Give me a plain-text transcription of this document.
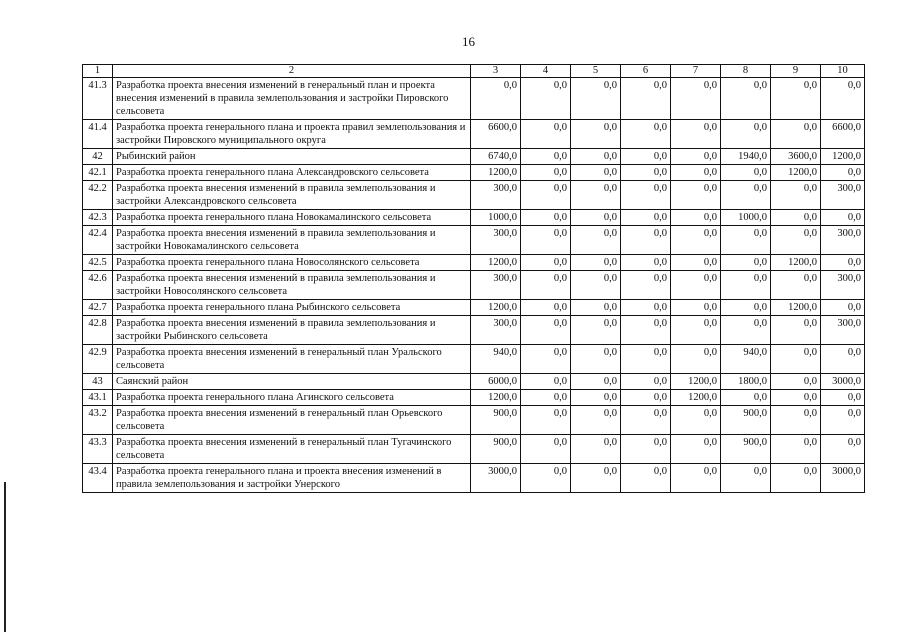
16
1	2	3	4	5	6	7	8	9	10
41.3	Разработка проекта внесения изменений в генеральный план и проекта внесения изменений в правила землепользования и застройки Пировского сельсовета	0,0	0,0	0,0	0,0	0,0	0,0	0,0	0,0
41.4	Разработка проекта генерального плана и проекта правил землепользования и застройки Пировского муниципального округа	6600,0	0,0	0,0	0,0	0,0	0,0	0,0	6600,0
42	Рыбинский район	6740,0	0,0	0,0	0,0	0,0	1940,0	3600,0	1200,0
42.1	Разработка проекта генерального плана Александровского сельсовета	1200,0	0,0	0,0	0,0	0,0	0,0	1200,0	0,0
42.2	Разработка проекта внесения изменений в правила землепользования и застройки Александровского сельсовета	300,0	0,0	0,0	0,0	0,0	0,0	0,0	300,0
42.3	Разработка проекта генерального плана Новокамалинского сельсовета	1000,0	0,0	0,0	0,0	0,0	1000,0	0,0	0,0
42.4	Разработка проекта внесения изменений в правила землепользования и застройки Новокамалинского сельсовета	300,0	0,0	0,0	0,0	0,0	0,0	0,0	300,0
42.5	Разработка проекта генерального плана Новосолянского сельсовета	1200,0	0,0	0,0	0,0	0,0	0,0	1200,0	0,0
42.6	Разработка проекта внесения изменений в правила землепользования и застройки Новосолянского сельсовета	300,0	0,0	0,0	0,0	0,0	0,0	0,0	300,0
42.7	Разработка проекта генерального плана Рыбинского сельсовета	1200,0	0,0	0,0	0,0	0,0	0,0	1200,0	0,0
42.8	Разработка проекта внесения изменений в правила землепользования и застройки Рыбинского сельсовета	300,0	0,0	0,0	0,0	0,0	0,0	0,0	300,0
42.9	Разработка проекта внесения изменений в генеральный план Уральского сельсовета	940,0	0,0	0,0	0,0	0,0	940,0	0,0	0,0
43	Саянский район	6000,0	0,0	0,0	0,0	1200,0	1800,0	0,0	3000,0
43.1	Разработка проекта генерального плана Агинского сельсовета	1200,0	0,0	0,0	0,0	1200,0	0,0	0,0	0,0
43.2	Разработка проекта внесения изменений в генеральный план Орьевского сельсовета	900,0	0,0	0,0	0,0	0,0	900,0	0,0	0,0
43.3	Разработка проекта внесения изменений в генеральный план Тугачинского сельсовета	900,0	0,0	0,0	0,0	0,0	900,0	0,0	0,0
43.4	Разработка проекта генерального плана и проекта внесения изменений в правила землепользования и застройки Унерского	3000,0	0,0	0,0	0,0	0,0	0,0	0,0	3000,0
